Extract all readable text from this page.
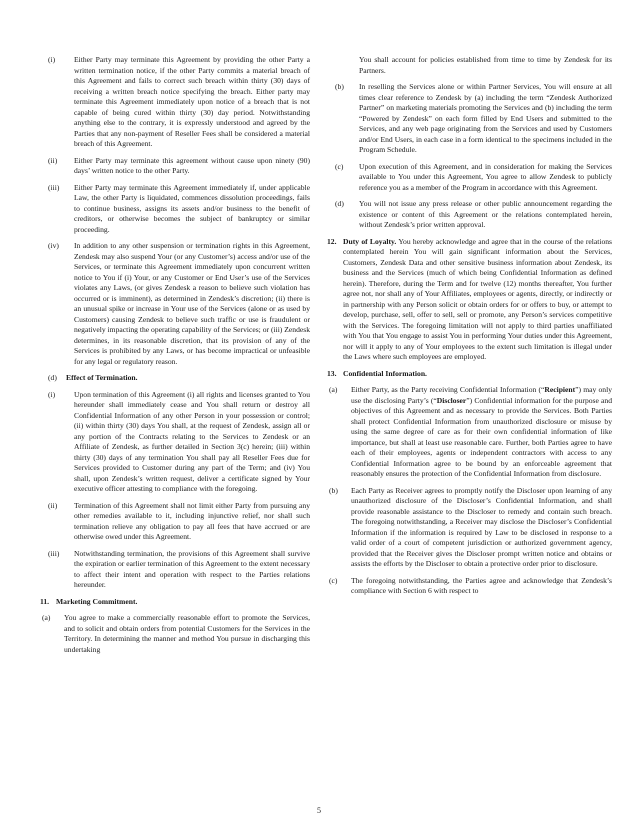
(i)	Either Party may terminate this Agreement by providing the other Party a written termination notice, if the other Party commits a material breach of this Agreement and fails to correct such breach within thirty (30) days of receiving a written breach notice specifying the breach. Either party may terminate this Agreement immediately upon notice of a breach that is not capable of being cured within thirty (30) day period. Notwithstanding anything else to the contrary, it is expressly understood and agreed by the Parties that any non-payment of Reseller Fees shall be considered a material breach of this Agreement.
(ii)	Either Party may terminate this agreement without cause upon ninety (90) days’ written notice to the other Party.
(iii)	Either Party may terminate this Agreement immediately if, under applicable Law, the other Party is liquidated, commences dissolution proceedings, fails to continue business, assigns its assets and/or business to the benefit of creditors, or otherwise becomes the subject of bankruptcy or similar proceeding.
(iv)	In addition to any other suspension or termination rights in this Agreement, Zendesk may also suspend Your (or any Customer’s) access and/or use of the Services, or terminate this Agreement immediately upon concurrent written notice to You if (i) Your, or any Customer or End User’s use of the Services violates any Laws, (or gives Zendesk a reason to believe such violation has occurred or is imminent), as determined in Zendesk’s discretion; (ii) there is an unusual spike or increase in Your use of the Services (alone or as used by Customers) causing Zendesk to believe such traffic or use is fraudulent or negatively impacting the operating capability of the Services; or (iii) Zendesk determines, in its reasonable discretion, that its provision of any of the Services is prohibited by any Laws, or has become impractical or unfeasible for any legal or regulatory reason.
(d)	Effect of Termination.
(i)	Upon termination of this Agreement (i) all rights and licenses granted to You hereunder shall immediately cease and You shall return or destroy all Confidential Information of any other Person in your possession or control; (ii) within thirty (30) days You shall, at the request of Zendesk, assign all or any portion of the Contracts relating to the Services to Zendesk or an Affiliate of Zendesk, as further detailed in Section 3(c) herein; (iii) within thirty (30) days of any termination You shall pay all Reseller Fees due for Services provided to Customer during any part of the Term; and (iv) You shall, upon Zendesk’s written request, deliver a certificate signed by Your executive officer attesting to compliance with the foregoing.
(ii)	Termination of this Agreement shall not limit either Party from pursuing any other remedies available to it, including injunctive relief, nor shall such termination relieve any obligation to pay all fees that have accrued or are otherwise owed under this Agreement.
(iii)	Notwithstanding termination, the provisions of this Agreement shall survive the expiration or earlier termination of this Agreement to the extent necessary to affect their intent and operation with respect to the Parties relations hereunder.
11. Marketing Commitment.
(a)	You agree to make a commercially reasonable effort to promote the Services, and to solicit and obtain orders from potential Customers for the Services in the Territory. In determining the manner and method You pursue in discharging this undertaking
You shall account for policies established from time to time by Zendesk for its Partners.
(b)	In reselling the Services alone or within Partner Services, You will ensure at all times clear reference to Zendesk by (a) including the term “Zendesk Authorized Partner” on marketing materials promoting the Services and (b) including the term “Powered by Zendesk” on each form filled by End Users and submitted to the Services, and any web page originating from the Services and used by Customers and/or End Users, in each case in a form identical to the specimens included in the Program Schedule.
(c)	Upon execution of this Agreement, and in consideration for making the Services available to You under this Agreement, You agree to allow Zendesk to publicly reference you as a member of the Program in accordance with this Agreement.
(d)	You will not issue any press release or other public announcement regarding the existence or content of this Agreement or the relations contemplated herein, without Zendesk’s prior written approval.
12. Duty of Loyalty. You hereby acknowledge and agree that in the course of the relations contemplated herein You will gain significant information about the Services, Customers, Zendesk Data and other sensitive business information about Zendesk, its business and the Services (much of which being Confidential Information as defined herein). Therefore, during the Term and for twelve (12) months thereafter, You further agree not, nor shall any of Your Affiliates, employees or agents, directly, or indirectly or in partnership with any Person solicit or obtain orders for or offers to buy, or attempt to develop, purchase, sell, offer to sell, sell or promote, any Person’s services competitive with the Services. The foregoing limitation will not apply to third parties unaffiliated with You that You engage to assist You in performing Your duties under this Agreement, nor will it apply to any of Your employees to the extent such limitation is illegal under the Laws where such employees are employed.
13. Confidential Information.
(a)	Either Party, as the Party receiving Confidential Information (“Recipient”) may only use the disclosing Party’s (“Discloser”) Confidential information for the purpose and objectives of this Agreement and as necessary to provide the Services. Both Parties shall protect Confidential Information from unauthorized disclosure or misuse by using the same degree of care as for their own confidential information of like importance, but shall at least use reasonable care. Further, both Parties agree to have each of their employees, agents or independent contractors with access to any Confidential Information agree to be bound by an enforceable agreement that reasonably ensures the protection of the Confidential Information from disclosure.
(b)	Each Party as Receiver agrees to promptly notify the Discloser upon learning of any unauthorized disclosure of the Discloser’s Confidential Information, and shall provide reasonable assistance to the Discloser to remedy and contain such breach. The foregoing notwithstanding, a Receiver may disclose the Discloser’s Confidential Information if the information is required by Law to be disclosed in response to a valid order of a court of competent jurisdiction or authorized government agency, provided that the Receiver gives the Discloser prompt written notice and obtains or assists the efforts by the Discloser to obtain a protective order prior to disclosure.
(c)	The foregoing notwithstanding, the Parties agree and acknowledge that Zendesk’s compliance with Section 6 with respect to
5
